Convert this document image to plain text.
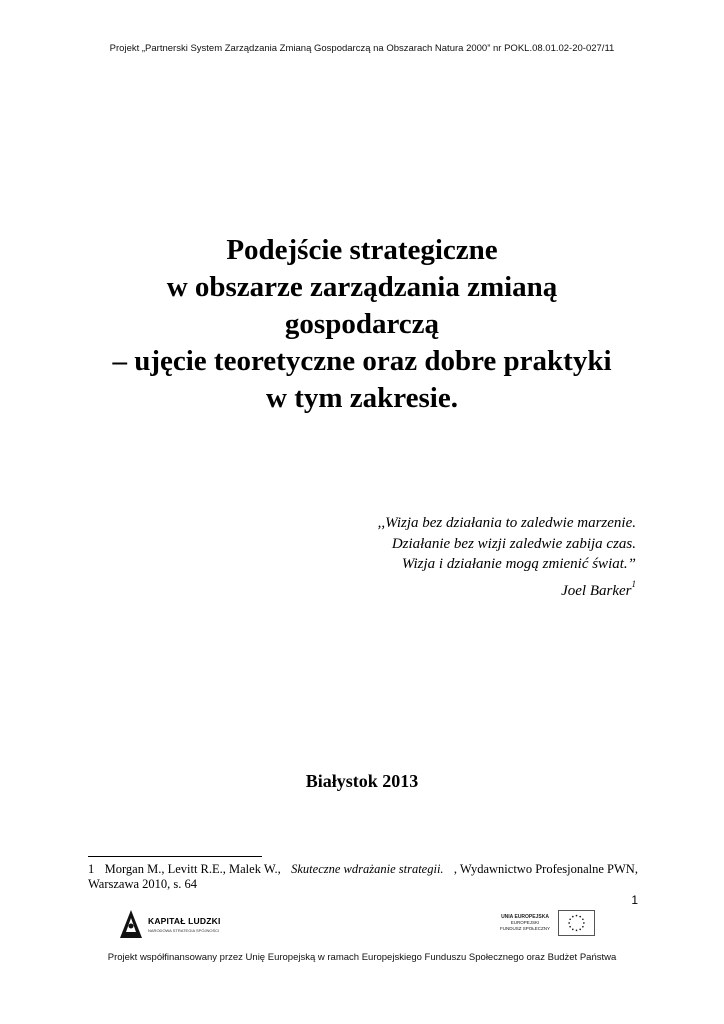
Projekt „Partnerski System Zarządzania Zmianą Gospodarczą na Obszarach Natura 2000” nr POKL.08.01.02-20-027/11
Podejście strategiczne
w obszarze zarządzania zmianą
gospodarczą
– ujęcie teoretyczne oraz dobre praktyki
w tym zakresie.
,,Wizja bez działania to zaledwie marzenie.
Działanie bez wizji zaledwie zabija czas.
Wizja i działanie mogą zmienić świat.”
Joel Barker$^1$
Białystok 2013
1 Morgan M., Levitt R.E., Malek W., Skuteczne wdrażanie strategii. , Wydawnictwo Profesjonalne PWN,
Warszawa 2010, s. 64
1
KAPITAŁ LUDZKI
NARODOWA STRATEGIA SPÓJNOŚCI
UNIA EUROPEJSKA
EUROPEJSKI
FUNDUSZ SPOŁECZNY
Projekt współfinansowany przez Unię Europejską w ramach Europejskiego Funduszu Społecznego oraz Budżet Państwa
